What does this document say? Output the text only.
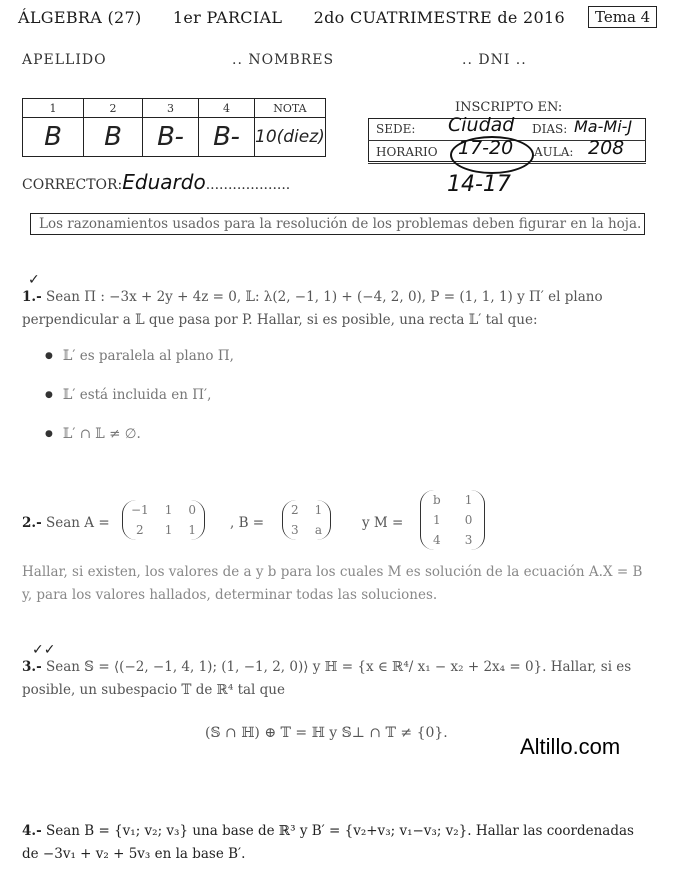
ÁLGEBRA (27) 1er PARCIAL 2do CUATRIMESTRE de 2016	Tema 4
APELLIDO	.. NOMBRES	.. DNI ..
1	2	3	4	NOTA
B	B	B-	B-	10(diez)
INSCRIPTO EN:
SEDE: Ciudad DIAS: Ma-Mi-J
HORARIO 17-20 AULA: 208
14-17
CORRECTOR:Eduardo...................
Los razonamientos usados para la resolución de los problemas deben figurar en la hoja.
✓
1.- Sean Π : −3x + 2y + 4z = 0, 𝕃: λ(2, −1, 1) + (−4, 2, 0), P = (1, 1, 1) y Π′ el plano
perpendicular a 𝕃 que pasa por P. Hallar, si es posible, una recta 𝕃′ tal que:
● 𝕃′ es paralela al plano Π,
● 𝕃′ está incluida en Π′,
● 𝕃′ ∩ 𝕃 ≠ ∅.
2.- Sean A =
−1	1	0
2	1	1	, B =
2	1
3	a	y M =
b	1
1	0
4	3
Hallar, si existen, los valores de a y b para los cuales M es solución de la ecuación A.X = B
y, para los valores hallados, determinar todas las soluciones.
✓✓
3.- Sean 𝕊 = ⟨(−2, −1, 4, 1); (1, −1, 2, 0)⟩ y ℍ = {x ∈ ℝ⁴/ x₁ − x₂ + 2x₄ = 0}. Hallar, si es
posible, un subespacio 𝕋 de ℝ⁴ tal que
(𝕊 ∩ ℍ) ⊕ 𝕋 = ℍ y 𝕊⊥ ∩ 𝕋 ≠ {0}.
Altillo.com
4.- Sean B = {v₁; v₂; v₃} una base de ℝ³ y B′ = {v₂+v₃; v₁−v₃; v₂}. Hallar las coordenadas
de −3v₁ + v₂ + 5v₃ en la base B′.
